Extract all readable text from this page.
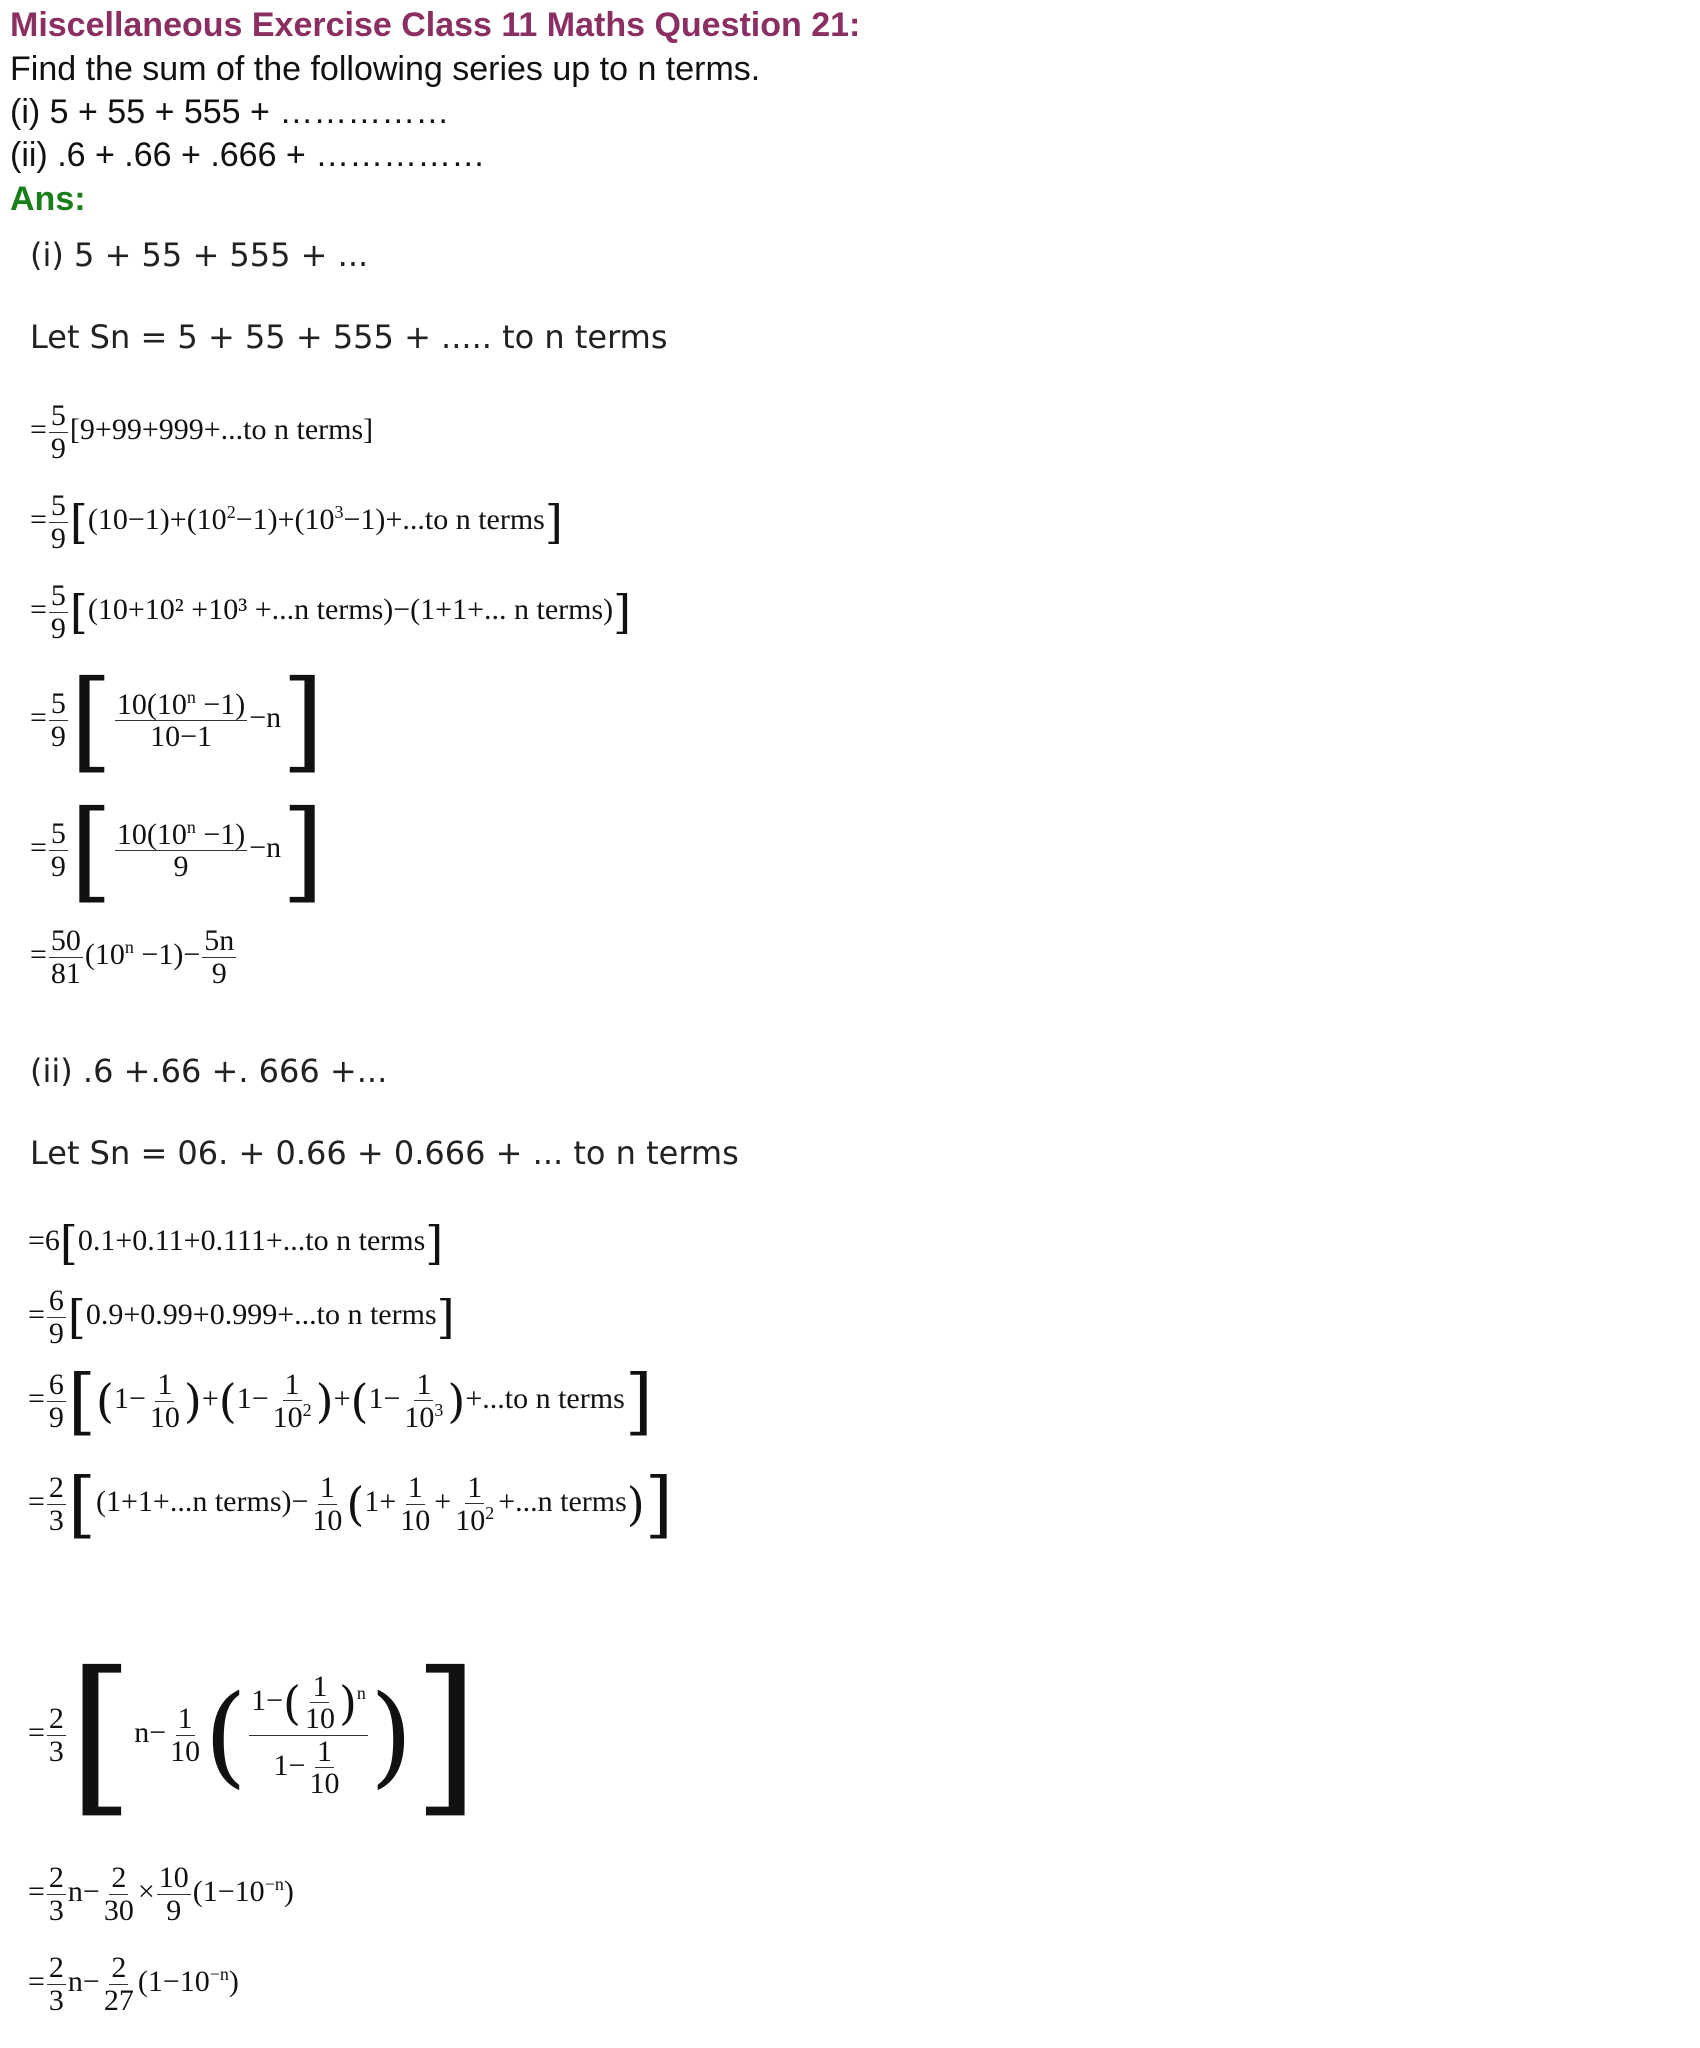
Miscellaneous Exercise Class 11 Maths Question 21:
Find the sum of the following series up to n terms.
(i) 5 + 55 + 555 + ……………
(ii) .6 + .66 + .666 + ……………
Ans:
(i) 5 + 55 + 555 + ...
Let Sn = 5 + 55 + 555 + ..... to n terms
= $\frac{5}{9} [9+99+999+...to$ n terms]
= $\frac{5}{9} [(10-1)+(10^2-1)+(10^3-1)+...to$ n terms]
= $\frac{5}{9} [(10+10^2 +10^3 +...n$ terms)−(1+1+... n terms)]
= $\frac{5}{9}$ [ $\frac{10(10^n -1)}{10-1} -n$]
= $\frac{5}{9}$ [ $\frac{10(10^n -1)}{9} -n$]
= $\frac{50}{81} (10^n -1)- \frac{5n}{9}$
(ii) .6 +.66 +. 666 +...
Let Sn = 06. + 0.66 + 0.666 + ... to n terms
=6[0.1+0.11+0.111+...to n terms]
= $\frac{6}{9} [0.9+0.99+0.999+...to$ n terms]
= $\frac{6}{9} [(1- \frac{1}{10} )+(1- \frac{1}{10^2} )+(1- \frac{1}{10^3} )+...to$ n terms]
= $\frac{2}{3} [(1+1+...n$ terms)− $\frac{1}{10} (1+ \frac{1}{10} + \frac{1}{10^2} +...n$ terms)]
= $\frac{2}{3} [n- \frac{1}{10}$ ( $\frac{1-( \frac{1}{10} )^n}{1- \frac{1}{10}}$ )]
= $\frac{2}{3} n- \frac{2}{30} \times \frac{10}{9} (1-10^{-n})$
= $\frac{2}{3} n- \frac{2}{27} (1-10^{-n})$
